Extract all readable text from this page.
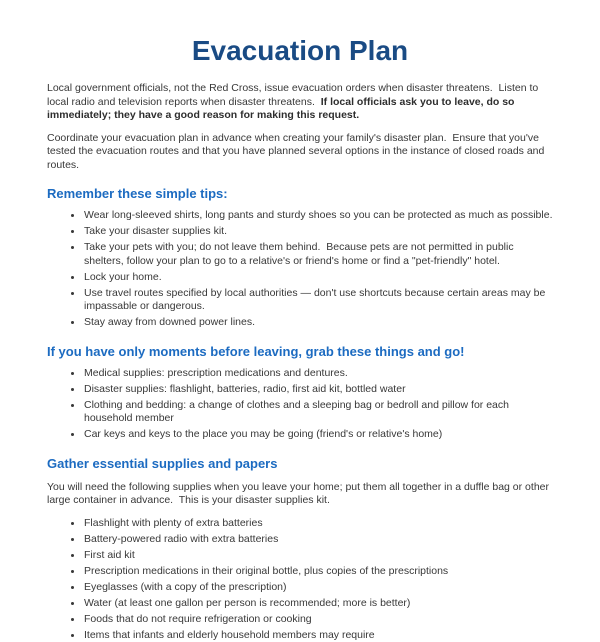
Evacuation Plan

Local government officials, not the Red Cross, issue evacuation orders when disaster threatens.  Listen to local radio and television reports when disaster threatens.  If local officials ask you to leave, do so immediately; they have a good reason for making this request.

Coordinate your evacuation plan in advance when creating your family's disaster plan.  Ensure that you've tested the evacuation routes and that you have planned several options in the instance of closed roads and routes.

Remember these simple tips:
• Wear long-sleeved shirts, long pants and sturdy shoes so you can be protected as much as possible.
• Take your disaster supplies kit.
• Take your pets with you; do not leave them behind.  Because pets are not permitted in public shelters, follow your plan to go to a relative's or friend's home or find a "pet-friendly" hotel.
• Lock your home.
• Use travel routes specified by local authorities — don't use shortcuts because certain areas may be impassable or dangerous.
• Stay away from downed power lines.
If you have only moments before leaving, grab these things and go!
• Medical supplies: prescription medications and dentures.
• Disaster supplies: flashlight, batteries, radio, first aid kit, bottled water
• Clothing and bedding: a change of clothes and a sleeping bag or bedroll and pillow for each household member
• Car keys and keys to the place you may be going (friend's or relative's home)
Gather essential supplies and papers

You will need the following supplies when you leave your home; put them all together in a duffle bag or other large container in advance.  This is your disaster supplies kit.

• Flashlight with plenty of extra batteries
• Battery-powered radio with extra batteries
• First aid kit
• Prescription medications in their original bottle, plus copies of the prescriptions
• Eyeglasses (with a copy of the prescription)
• Water (at least one gallon per person is recommended; more is better)
• Foods that do not require refrigeration or cooking
• Items that infants and elderly household members may require
